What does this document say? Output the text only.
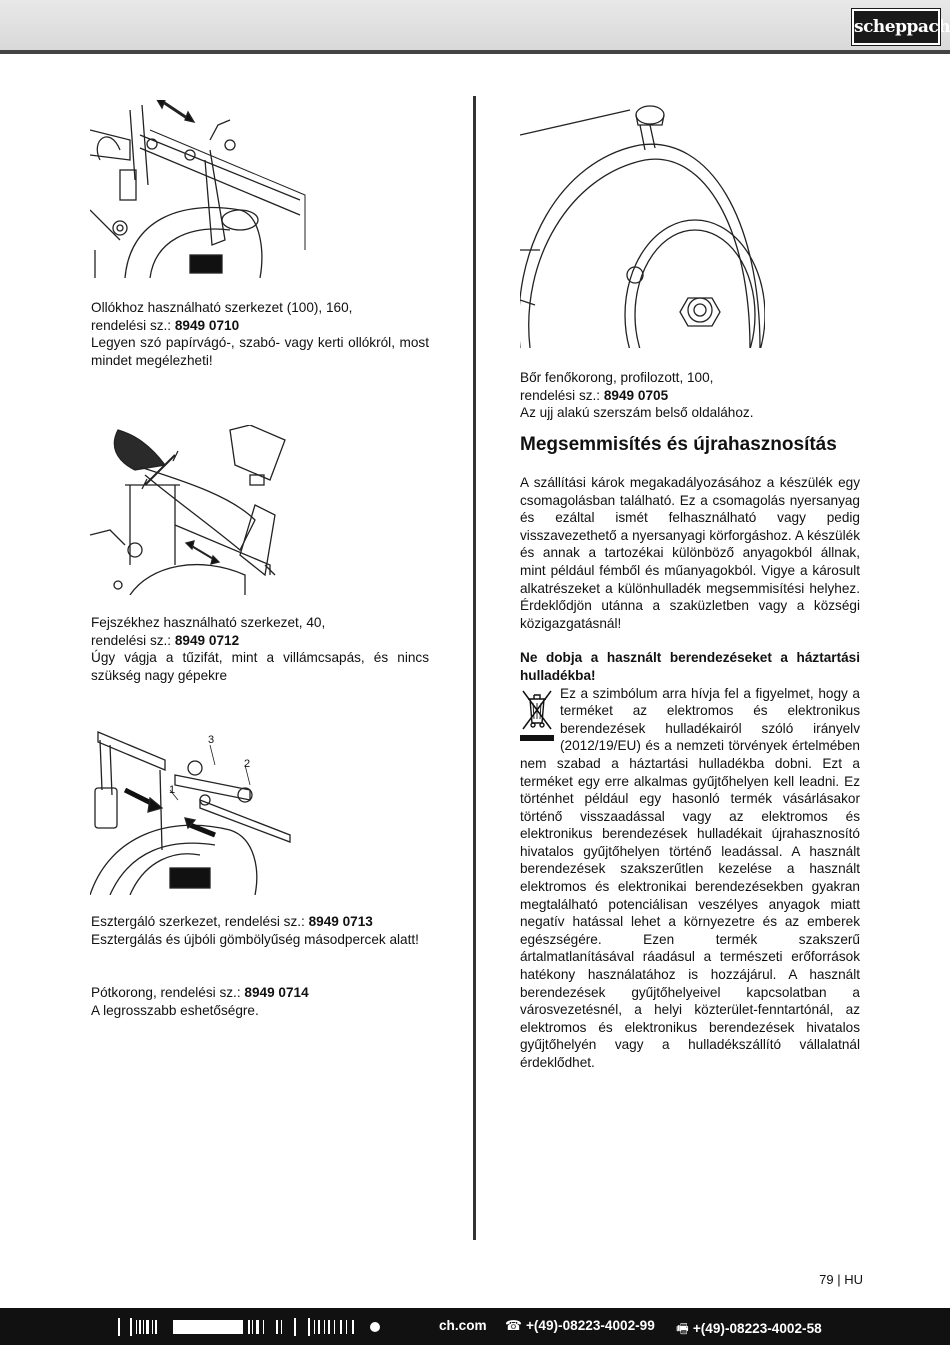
scheppach

Ollókhoz használható szerkezet (100), 160,

rendelési sz.: 8949 0710

Legyen szó papírvágó-, szabó- vagy kerti ollókról, most mindet megélezheti!

Fejszékhez használható szerkezet, 40,

rendelési sz.: 8949 0712

Úgy vágja a tűzifát, mint a villámcsapás, és nincs szükség nagy gépekre

3
2
1

Esztergáló szerkezet, rendelési sz.: 8949 0713

Esztergálás és újbóli gömbölyűség másodpercek alatt!

Pótkorong, rendelési sz.: 8949 0714

A legrosszabb eshetőségre.

Bőr fenőkorong, profilozott, 100,

rendelési sz.: 8949 0705

Az ujj alakú szerszám belső oldalához.

Megsemmisítés és újrahasznosítás

A szállítási károk megakadályozásához a készülék egy csomagolásban található. Ez a csomagolás nyersanyag és ezáltal ismét felhasználható vagy pedig visszavezethető a nyersanyagi körforgáshoz. A készülék és annak a tartozékai különböző anyagokból állnak, mint például fémből és műanyagokból. Vigye a károsult alkatrészeket a különhulladék megsemmisítési helyhez. Érdeklődjön utánna a szaküzletben vagy a községi közigazgatásnál!

Ne dobja a használt berendezéseket a háztartási hulladékba!

Ez a szimbólum arra hívja fel a figyelmet, hogy a terméket az elektromos és elektronikus berendezések hulladékairól szóló irányelv (2012/19/EU) és a nemzeti törvények értelmében nem szabad a háztartási hulladékba dobni. Ezt a terméket egy erre alkalmas gyűjtőhelyen kell leadni. Ez történhet például egy hasonló termék vásárlásakor történő visszaadással vagy az elektromos és elektronikus berendezések hulladékait újrahasznosító hivatalos gyűjtőhelyen történő leadással. A használt berendezések szakszerűtlen kezelése a használt elektromos és elektronikai berendezésekben gyakran megtalálható potenciálisan veszélyes anyagok miatt negatív hatással lehet a környezetre és az emberek egészségére. Ezen termék szakszerű ártalmatlanításával ráadásul a természeti erőforrások hatékony használatához is hozzájárul. A használt berendezések gyűjtőhelyeivel kapcsolatban a városvezetésnél, a helyi közterület-fenntartónál, az elektromos és elektronikus berendezések hivatalos gyűjtőhelyén vagy a hulladékszállító vállalatnál érdeklődhet.

79 | HU
ch.com ☎ +(49)-08223-4002-99 🖷 +(49)-08223-4002-58
